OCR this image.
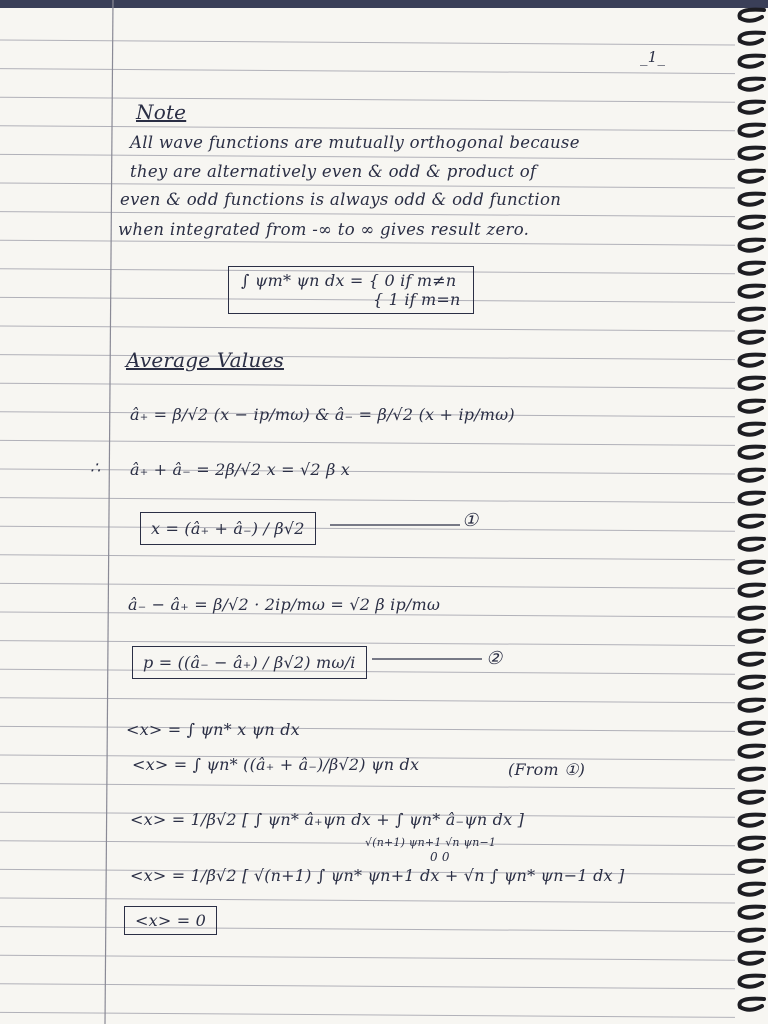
_1_

Note

All wave functions are mutually orthogonal because

they are alternatively even & odd & product of

even & odd functions is always odd & odd function

when integrated from -∞ to ∞ gives result zero.

∫ ψm* ψn dx = { 0 if m≠n
{ 1 if m=n

Average Values

â₊ = β/√2 (x − ip/mω) & â₋ = β/√2 (x + ip/mω)

∴ â₊ + â₋ = 2β/√2 x = √2 β x

x = (â₊ + â₋) / β√2	①

â₋ − â₊ = β/√2 · 2ip/mω = √2 β ip/mω

p = ((â₋ − â₊) / β√2) mω/i	②

<x> = ∫ ψn* x ψn dx

<x> = ∫ ψn* ((â₊ + â₋)/β√2) ψn dx	(From ①)

<x> = 1/β√2 [ ∫ ψn* â₊ψn dx + ∫ ψn* â₋ψn dx ]

√(n+1) ψn+1 √n ψn−1

0 0

<x> = 1/β√2 [ √(n+1) ∫ ψn* ψn+1 dx + √n ∫ ψn* ψn−1 dx ]

<x> = 0
